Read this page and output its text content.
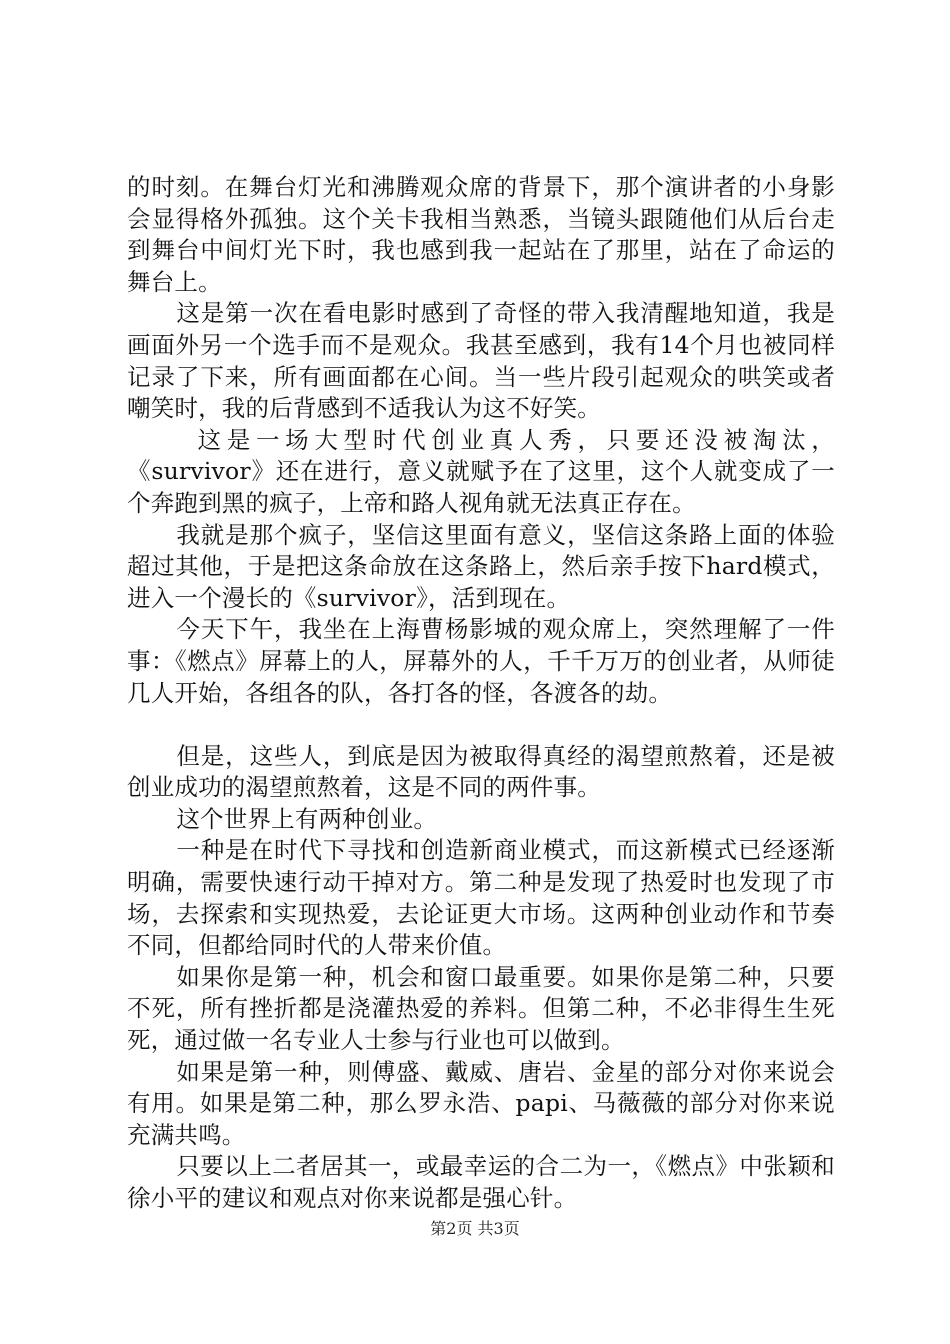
的时刻。在舞台灯光和沸腾观众席的背景下，那个演讲者的小身影会显得格外孤独。这个关卡我相当熟悉，当镜头跟随他们从后台走到舞台中间灯光下时，我也感到我一起站在了那里，站在了命运的舞台上。

这是第一次在看电影时感到了奇怪的带入我清醒地知道，我是画面外另一个选手而不是观众。我甚至感到，我有14个月也被同样记录了下来，所有画面都在心间。当一些片段引起观众的哄笑或者嘲笑时，我的后背感到不适我认为这不好笑。

这是一场大型时代创业真人秀，只要还没被淘汰，《survivor》还在进行，意义就赋予在了这里，这个人就变成了一个奔跑到黑的疯子，上帝和路人视角就无法真正存在。

我就是那个疯子，坚信这里面有意义，坚信这条路上面的体验超过其他，于是把这条命放在这条路上，然后亲手按下hard模式，进入一个漫长的《survivor》，活到现在。

今天下午，我坐在上海曹杨影城的观众席上，突然理解了一件事：《燃点》屏幕上的人，屏幕外的人，千千万万的创业者，从师徒几人开始，各组各的队，各打各的怪，各渡各的劫。

但是，这些人，到底是因为被取得真经的渴望煎熬着，还是被创业成功的渴望煎熬着，这是不同的两件事。

这个世界上有两种创业。

一种是在时代下寻找和创造新商业模式，而这新模式已经逐渐明确，需要快速行动干掉对方。第二种是发现了热爱时也发现了市场，去探索和实现热爱，去论证更大市场。这两种创业动作和节奏不同，但都给同时代的人带来价值。

如果你是第一种，机会和窗口最重要。如果你是第二种，只要不死，所有挫折都是浇灌热爱的养料。但第二种，不必非得生生死死，通过做一名专业人士参与行业也可以做到。

如果是第一种，则傅盛、戴威、唐岩、金星的部分对你来说会有用。如果是第二种，那么罗永浩、papi、马薇薇的部分对你来说充满共鸣。

只要以上二者居其一，或最幸运的合二为一，《燃点》中张颖和徐小平的建议和观点对你来说都是强心针。

第2页 共3页
